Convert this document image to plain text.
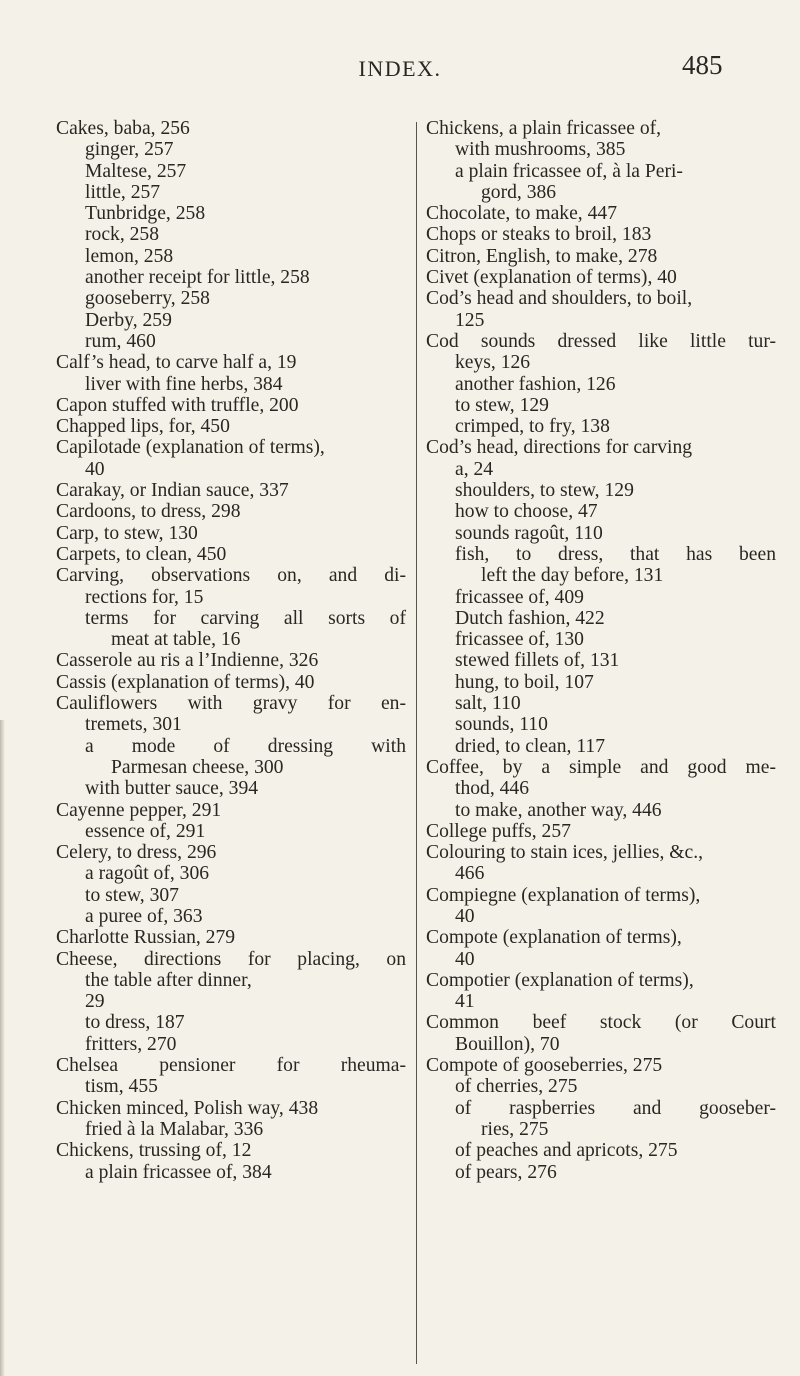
INDEX.	485
Cakes, baba, 256
ginger, 257
Maltese, 257
little, 257
Tunbridge, 258
rock, 258
lemon, 258
another receipt for little, 258
gooseberry, 258
Derby, 259
rum, 460
Calf’s head, to carve half a, 19
liver with fine herbs, 384
Capon stuffed with truffle, 200
Chapped lips, for, 450
Capilotade (explanation of terms),
40
Carakay, or Indian sauce, 337
Cardoons, to dress, 298
Carp, to stew, 130
Carpets, to clean, 450
Carving, observations on, and di-
rections for, 15
terms for carving all sorts of
meat at table, 16
Casserole au ris a l’Indienne, 326
Cassis (explanation of terms), 40
Cauliflowers with gravy for en-
tremets, 301
a mode of dressing with
Parmesan cheese, 300
with butter sauce, 394
Cayenne pepper, 291
essence of, 291
Celery, to dress, 296
a ragoût of, 306
to stew, 307
a puree of, 363
Charlotte Russian, 279
Cheese, directions for placing, on
the table after dinner,
29
to dress, 187
fritters, 270
Chelsea pensioner for rheuma-
tism, 455
Chicken minced, Polish way, 438
fried à la Malabar, 336
Chickens, trussing of, 12
a plain fricassee of, 384
Chickens, a plain fricassee of,
with mushrooms, 385
a plain fricassee of, à la Peri-
gord, 386
Chocolate, to make, 447
Chops or steaks to broil, 183
Citron, English, to make, 278
Civet (explanation of terms), 40
Cod’s head and shoulders, to boil,
125
Cod sounds dressed like little tur-
keys, 126
another fashion, 126
to stew, 129
crimped, to fry, 138
Cod’s head, directions for carving
a, 24
shoulders, to stew, 129
how to choose, 47
sounds ragoût, 110
fish, to dress, that has been
left the day before, 131
fricassee of, 409
Dutch fashion, 422
fricassee of, 130
stewed fillets of, 131
hung, to boil, 107
salt, 110
sounds, 110
dried, to clean, 117
Coffee, by a simple and good me-
thod, 446
to make, another way, 446
College puffs, 257
Colouring to stain ices, jellies, &c.,
466
Compiegne (explanation of terms),
40
Compote (explanation of terms),
40
Compotier (explanation of terms),
41
Common beef stock (or Court
Bouillon), 70
Compote of gooseberries, 275
of cherries, 275
of raspberries and gooseber-
ries, 275
of peaches and apricots, 275
of pears, 276
